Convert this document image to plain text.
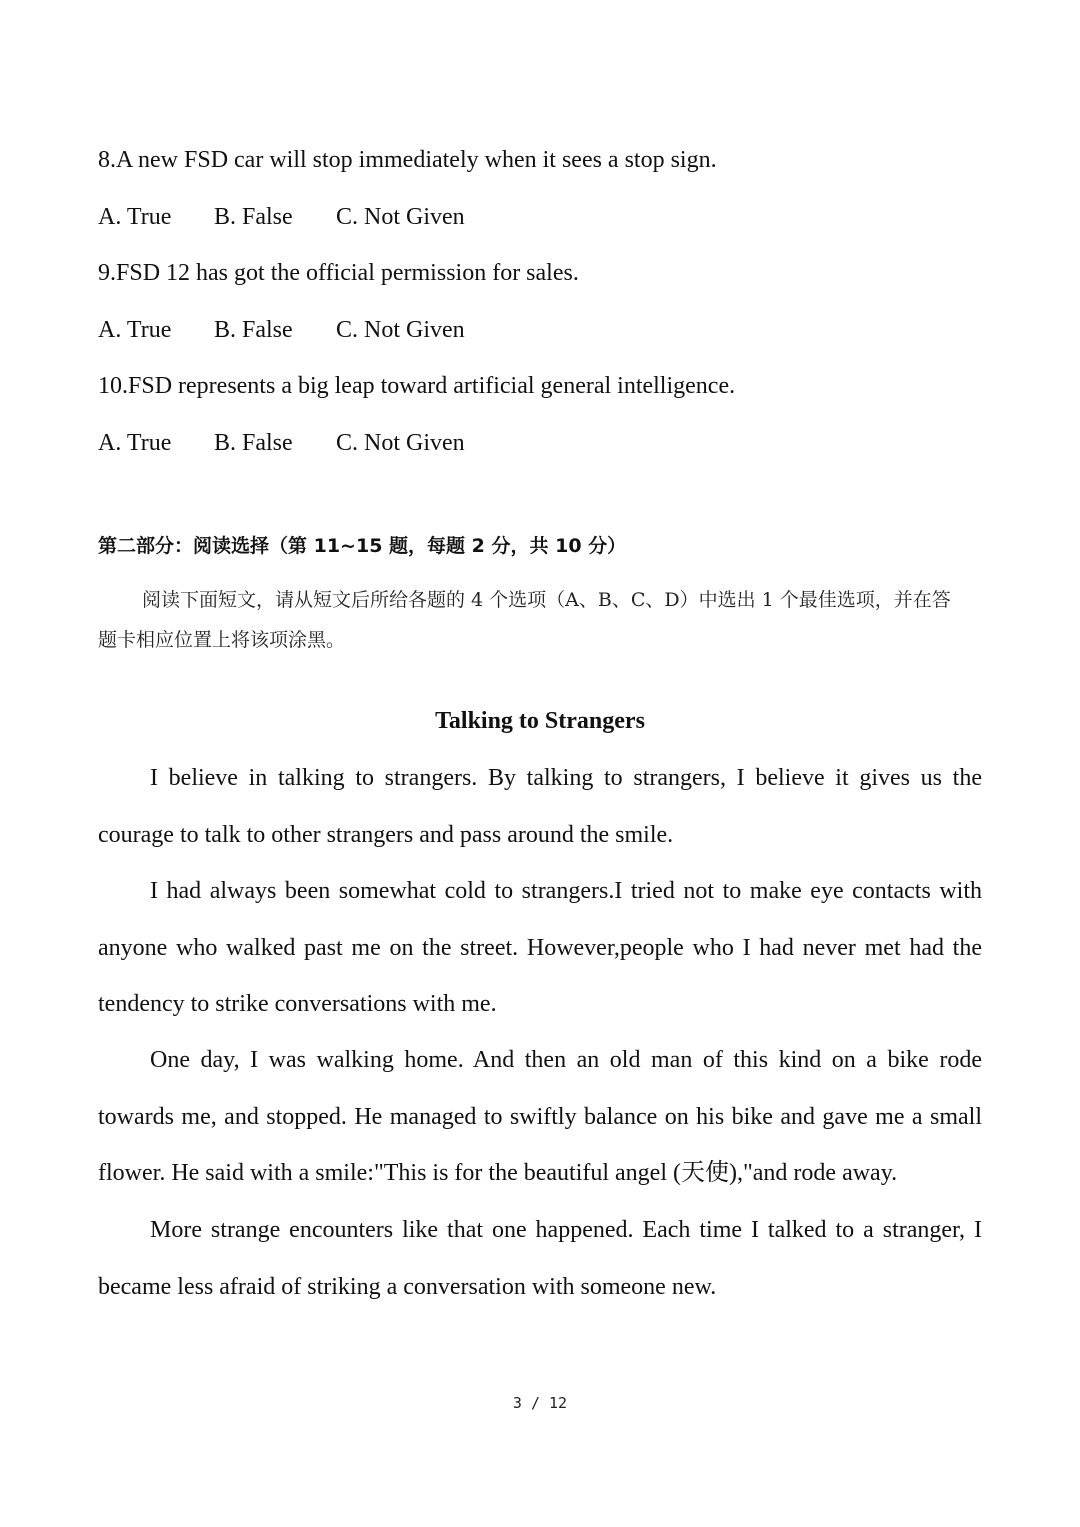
8.A new FSD car will stop immediately when it sees a stop sign.
A. True B. False C. Not Given
9.FSD 12 has got the official permission for sales.
A. True B. False C. Not Given
10.FSD represents a big leap toward artificial general intelligence.
A. True B. False C. Not Given
第二部分：阅读选择（第 11~15 题，每题 2 分，共 10 分）
阅读下面短文，请从短文后所给各题的 4 个选项（A、B、C、D）中选出 1 个最佳选项，并在答题卡相应位置上将该项涂黑。
Talking to Strangers
I believe in talking to strangers. By talking to strangers, I believe it gives us the courage to talk to other strangers and pass around the smile.
I had always been somewhat cold to strangers.I tried not to make eye contacts with anyone who walked past me on the street. However,people who I had never met had the tendency to strike conversations with me.
One day, I was walking home. And then an old man of this kind on a bike rode towards me, and stopped. He managed to swiftly balance on his bike and gave me a small flower. He said with a smile:"This is for the beautiful angel (天使),"and rode away.
More strange encounters like that one happened. Each time I talked to a stranger, I became less afraid of striking a conversation with someone new.
3 / 12
